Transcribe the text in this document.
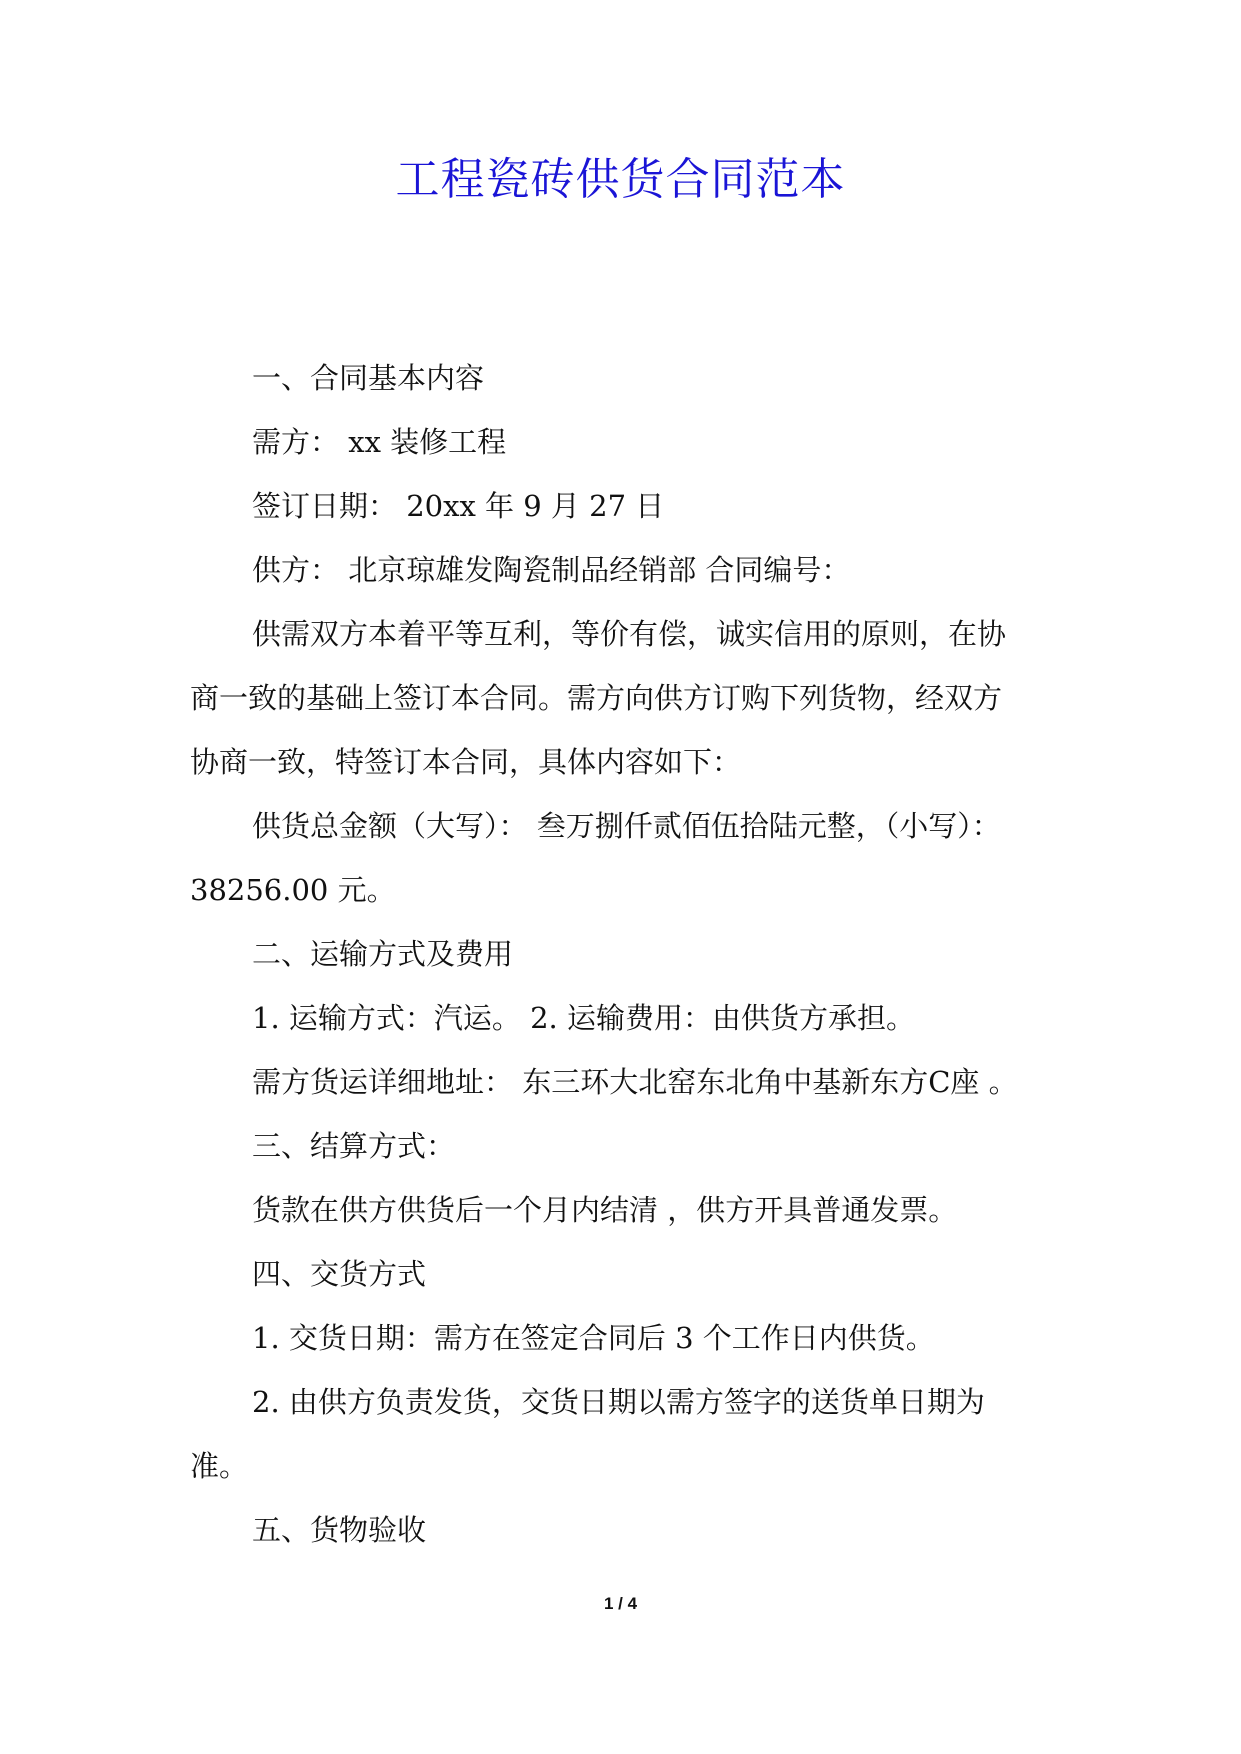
工程瓷砖供货合同范本

一、合同基本内容

需方： xx 装修工程

签订日期： 20xx 年 9 月 27 日

供方： 北京琼雄发陶瓷制品经销部 合同编号：

供需双方本着平等互利，等价有偿，诚实信用的原则，在协

商一致的基础上签订本合同。需方向供方订购下列货物，经双方

协商一致，特签订本合同，具体内容如下：

供货总金额（大写）： 叁万捌仟贰佰伍拾陆元整，（小写）：

38256.00 元。

二、运输方式及费用

1. 运输方式：汽运。 2. 运输费用：由供货方承担。

需方货运详细地址： 东三环大北窑东北角中基新东方C座 。

三、结算方式：

货款在供方供货后一个月内结清 ，供方开具普通发票。

四、交货方式

1. 交货日期：需方在签定合同后 3 个工作日内供货。

2. 由供方负责发货，交货日期以需方签字的送货单日期为

准。

五、货物验收

1 / 4
